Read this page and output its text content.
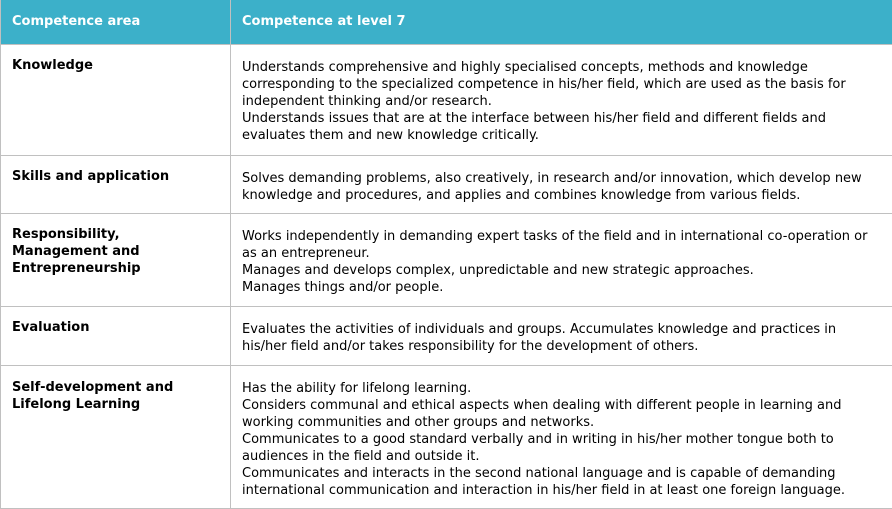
Competence area	Competence at level 7
Knowledge	Understands comprehensive and highly specialised concepts, methods and knowledge corresponding to the specialized competence in his/her field, which are used as the basis for independent thinking and/or research.
Understands issues that are at the interface between his/her field and different fields and evaluates them and new knowledge critically.

Skills and application	Solves demanding problems, also creatively, in research and/or innovation, which develop new knowledge and procedures, and applies and combines knowledge from various fields.

Responsibility, Management and Entrepreneurship	Works independently in demanding expert tasks of the field and in international co-operation or as an entrepreneur.
Manages and develops complex, unpredictable and new strategic approaches.
Manages things and/or people.

Evaluation	Evaluates the activities of individuals and groups. Accumulates knowledge and practices in his/her field and/or takes responsibility for the development of others.

Self-development and Lifelong Learning	Has the ability for lifelong learning.
Considers communal and ethical aspects when dealing with different people in learning and working communities and other groups and networks.
Communicates to a good standard verbally and in writing in his/her mother tongue both to audiences in the field and outside it.
Communicates and interacts in the second national language and is capable of demanding international communication and interaction in his/her field in at least one foreign language.
